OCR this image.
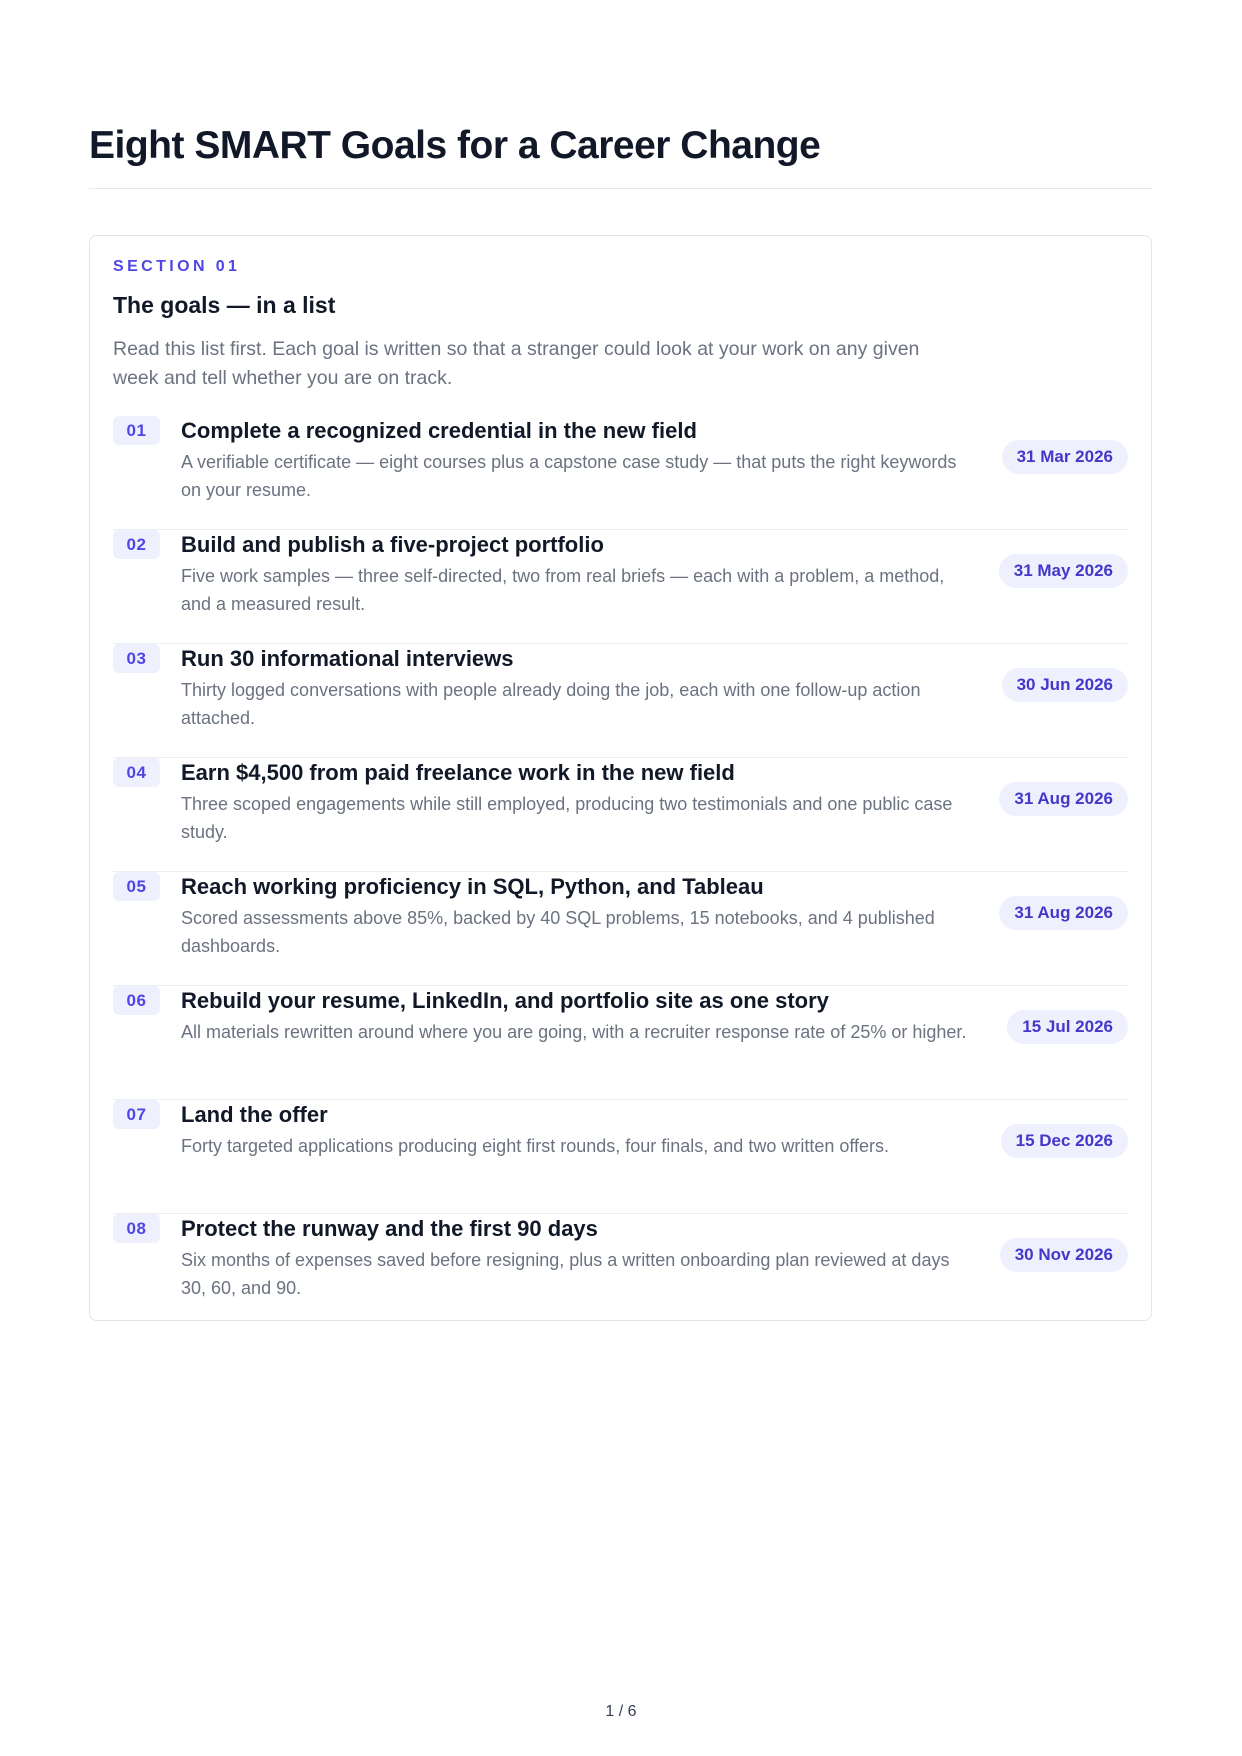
Eight SMART Goals for a Career Change
SECTION 01
The goals — in a list

Read this list first. Each goal is written so that a stranger could look at your work on any given week and tell whether you are on track.

01	Complete a recognized credential in the new field

A verifiable certificate — eight courses plus a capstone case study — that puts the right keywords on your resume.

31 Mar 2026
02	Build and publish a five-project portfolio

Five work samples — three self-directed, two from real briefs — each with a problem, a method, and a measured result.

31 May 2026
03	Run 30 informational interviews

Thirty logged conversations with people already doing the job, each with one follow-up action attached.

30 Jun 2026
04	Earn $4,500 from paid freelance work in the new field

Three scoped engagements while still employed, producing two testimonials and one public case study.

31 Aug 2026
05	Reach working proficiency in SQL, Python, and Tableau

Scored assessments above 85%, backed by 40 SQL problems, 15 notebooks, and 4 published dashboards.

31 Aug 2026
06	Rebuild your resume, LinkedIn, and portfolio site as one story

All materials rewritten around where you are going, with a recruiter response rate of 25% or higher.	15 Jul 2026
07	Land the offer

Forty targeted applications producing eight first rounds, four finals, and two written offers.	15 Dec 2026
08	Protect the runway and the first 90 days

Six months of expenses saved before resigning, plus a written onboarding plan reviewed at days 30, 60, and 90.

30 Nov 2026
1 / 6
